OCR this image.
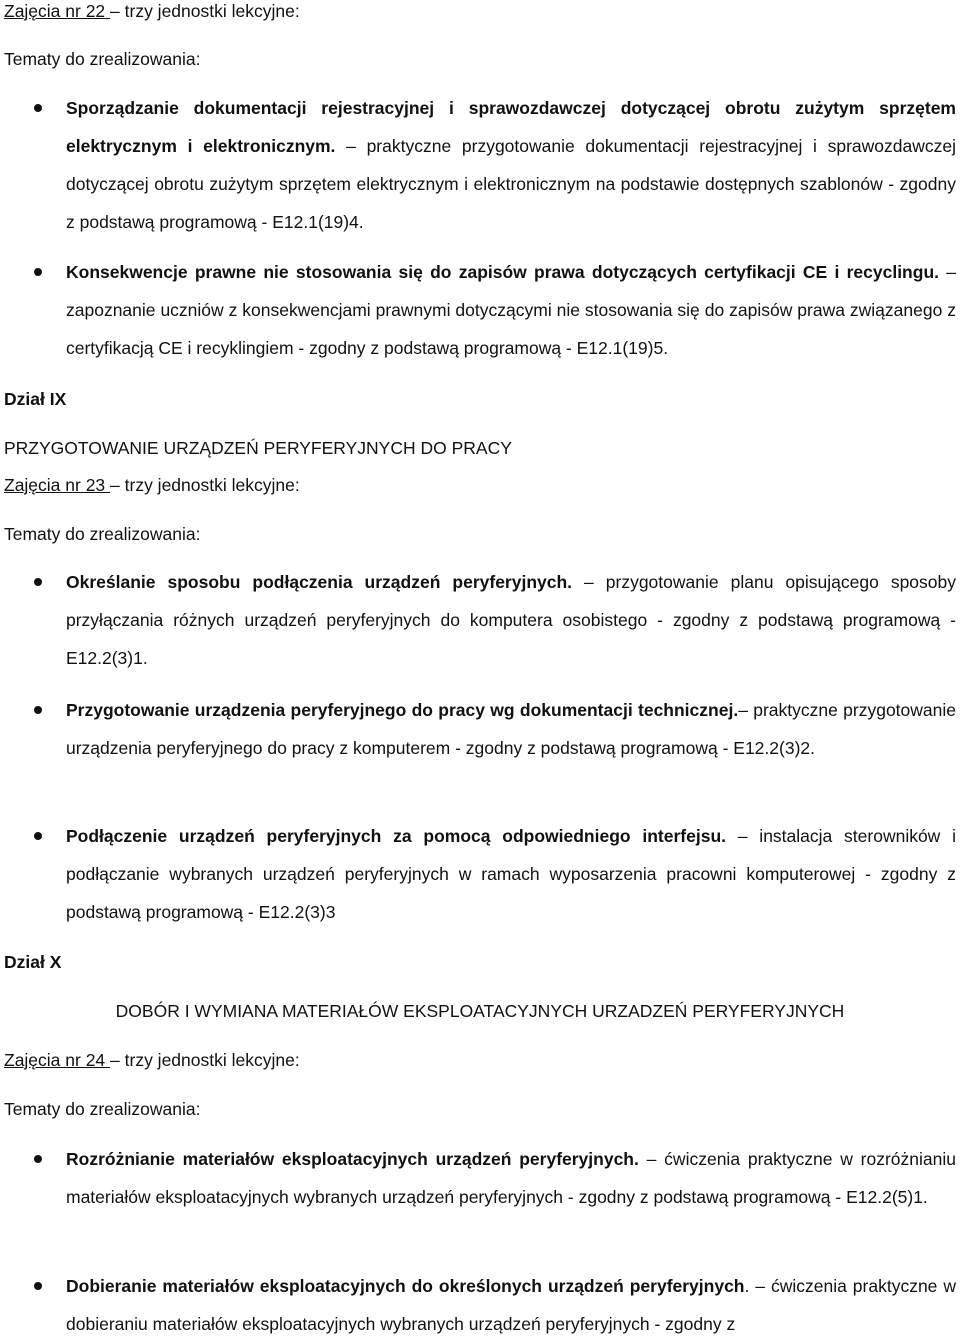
Zajęcia nr 22 – trzy jednostki lekcyjne:
Tematy do zrealizowania:
Sporządzanie dokumentacji rejestracyjnej i sprawozdawczej dotyczącej obrotu zużytym sprzętem elektrycznym i elektronicznym. – praktyczne przygotowanie dokumentacji rejestracyjnej i sprawozdawczej dotyczącej obrotu zużytym sprzętem elektrycznym i elektronicznym na podstawie dostępnych szablonów - zgodny z podstawą programową - E12.1(19)4.
Konsekwencje prawne nie stosowania się do zapisów prawa dotyczących certyfikacji CE i recyclingu. – zapoznanie uczniów z konsekwencjami prawnymi dotyczącymi nie stosowania się do zapisów prawa związanego z certyfikacją CE i recyklingiem - zgodny z podstawą programową - E12.1(19)5.
Dział IX
PRZYGOTOWANIE URZĄDZEŃ PERYFERYJNYCH DO PRACY
Zajęcia nr 23 – trzy jednostki lekcyjne:
Tematy do zrealizowania:
Określanie sposobu podłączenia urządzeń peryferyjnych. – przygotowanie planu opisującego sposoby przyłączania różnych urządzeń peryferyjnych do komputera osobistego - zgodny z podstawą programową - E12.2(3)1.
Przygotowanie urządzenia peryferyjnego do pracy wg dokumentacji technicznej.– praktyczne przygotowanie urządzenia peryferyjnego do pracy z komputerem - zgodny z podstawą programową - E12.2(3)2.
Podłączenie urządzeń peryferyjnych za pomocą odpowiedniego interfejsu. – instalacja sterowników i podłączanie wybranych urządzeń peryferyjnych w ramach wyposarzenia pracowni komputerowej - zgodny z podstawą programową - E12.2(3)3
Dział X
DOBÓR I WYMIANA MATERIAŁÓW EKSPLOATACYJNYCH URZADZEŃ PERYFERYJNYCH
Zajęcia nr 24 – trzy jednostki lekcyjne:
Tematy do zrealizowania:
Rozróżnianie materiałów eksploatacyjnych urządzeń peryferyjnych. – ćwiczenia praktyczne w rozróżnianiu materiałów eksploatacyjnych wybranych urządzeń peryferyjnych - zgodny z podstawą programową - E12.2(5)1.
Dobieranie materiałów eksploatacyjnych do określonych urządzeń peryferyjnych. – ćwiczenia praktyczne w dobieraniu materiałów eksploatacyjnych wybranych urządzeń peryferyjnych - zgodny z
